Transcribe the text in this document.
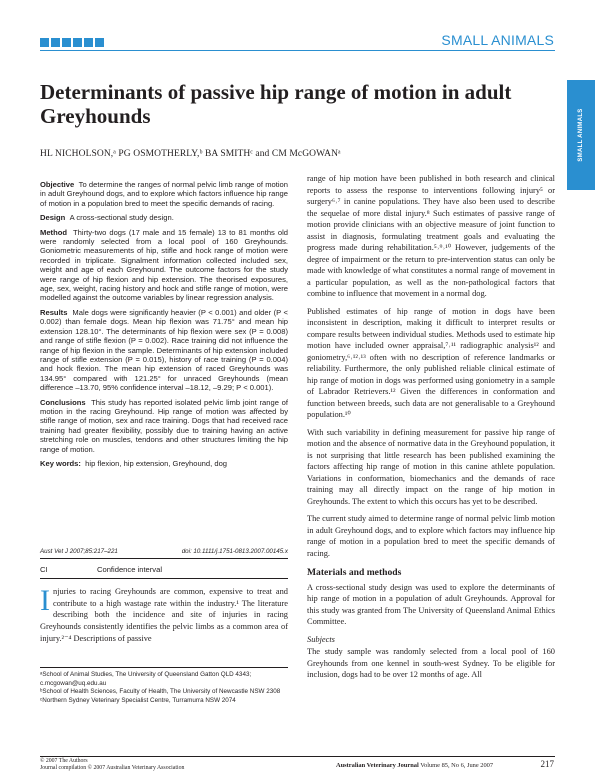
SMALL ANIMALS
SMALL ANIMALS
Determinants of passive hip range of motion in adult Greyhounds
HL NICHOLSON,ᵃ PG OSMOTHERLY,ᵇ BA SMITHᶜ and CM McGOWANᵃ

Objective To determine the ranges of normal pelvic limb range of motion in adult Greyhound dogs, and to explore which factors influence hip range of motion in a population bred to meet the specific demands of racing.

Design A cross-sectional study design.

Method Thirty-two dogs (17 male and 15 female) 13 to 81 months old were randomly selected from a local pool of 160 Greyhounds. Goniometric measurements of hip, stifle and hock range of motion were recorded in triplicate. Signalment information collected included sex, weight and age of each Greyhound. The outcome factors for the study were range of hip flexion and hip extension. The theorised exposures, age, sex, weight, racing history and hock and stifle range of motion, were modelled against the outcome variables by linear regression analysis.

Results Male dogs were significantly heavier (P < 0.001) and older (P < 0.002) than female dogs. Mean hip flexion was 71.75° and mean hip extension 128.10°. The determinants of hip flexion were sex (P = 0.008) and range of stifle flexion (P = 0.002). Race training did not influence the range of hip flexion in the sample. Determinants of hip extension included range of stifle extension (P = 0.015), history of race training (P = 0.004) and hock flexion. The mean hip extension of raced Greyhounds was 134.95° compared with 121.25° for unraced Greyhounds (mean difference –13.70, 95% confidence interval –18.12, –9.29; P < 0.001).

Conclusions This study has reported isolated pelvic limb joint range of motion in the racing Greyhound. Hip range of motion was affected by stifle range of motion, sex and race training. Dogs that had received race training had greater flexibility, possibly due to training having an active stretching role on muscles, tendons and other structures limiting the hip range of motion.

Key words: hip flexion, hip extension, Greyhound, dog

Aust Vet J 2007;85:217–221	doi: 10.1111/j.1751-0813.2007.00145.x
CI	Confidence interval
Injuries to racing Greyhounds are common, expensive to treat and contribute to a high wastage rate within the industry.¹ The literature describing both the incidence and site of injuries in racing Greyhounds consistently identifies the pelvic limbs as a common area of injury.²⁻⁴ Descriptions of passive
ᵃSchool of Animal Studies, The University of Queensland Gatton QLD 4343; c.mcgowan@uq.edu.au
ᵇSchool of Health Sciences, Faculty of Health, The University of Newcastle NSW 2308
ᶜNorthern Sydney Veterinary Specialist Centre, Turramurra NSW 2074

range of hip motion have been published in both research and clinical reports to assess the response to interventions following injury⁵ or surgery⁶˒⁷ in canine populations. They have also been used to describe the sequelae of more distal injury.⁸ Such estimates of passive range of motion provide clinicians with an objective measure of joint function to assist in diagnosis, formulating treatment goals and evaluating the progress made during rehabilitation.⁵˒⁹˒¹⁰ However, judgements of the degree of impairment or the return to pre-intervention status can only be made with knowledge of what constitutes a normal range of movement in a particular population, as well as the non-pathological factors that combine to influence that movement in a normal dog.

Published estimates of hip range of motion in dogs have been inconsistent in description, making it difficult to interpret results or compare results between individual studies. Methods used to estimate hip motion have included owner appraisal,⁷˒¹¹ radiographic analysis¹² and goniometry,⁶˒¹²˒¹³ often with no description of reference landmarks or reliability. Furthermore, the only published reliable clinical estimate of hip range of motion in dogs was performed using goniometry in a sample of Labrador Retrievers.¹² Given the differences in conformation and function between breeds, such data are not generalisable to a Greyhound population.¹⁰

With such variability in defining measurement for passive hip range of motion and the absence of normative data in the Greyhound population, it is not surprising that little research has been published examining the factors affecting hip range of motion in this canine athlete population. Variations in conformation, biomechanics and the demands of race training may all directly impact on the range of hip motion in Greyhounds. The extent to which this occurs has yet to be described.

The current study aimed to determine range of normal pelvic limb motion in adult Greyhound dogs, and to explore which factors may influence hip range of motion in a population bred to meet the specific demands of racing.

Materials and methods

A cross-sectional study design was used to explore the determinants of hip range of motion in a population of adult Greyhounds. Approval for this study was granted from The University of Queensland Animal Ethics Committee.

Subjects

The study sample was randomly selected from a local pool of 160 Greyhounds from one kennel in south-west Sydney. To be eligible for inclusion, dogs had to be over 12 months of age. All

© 2007 The Authors
Journal compilation © 2007 Australian Veterinary Association	Australian Veterinary Journal Volume 85, No 6, June 2007	217
